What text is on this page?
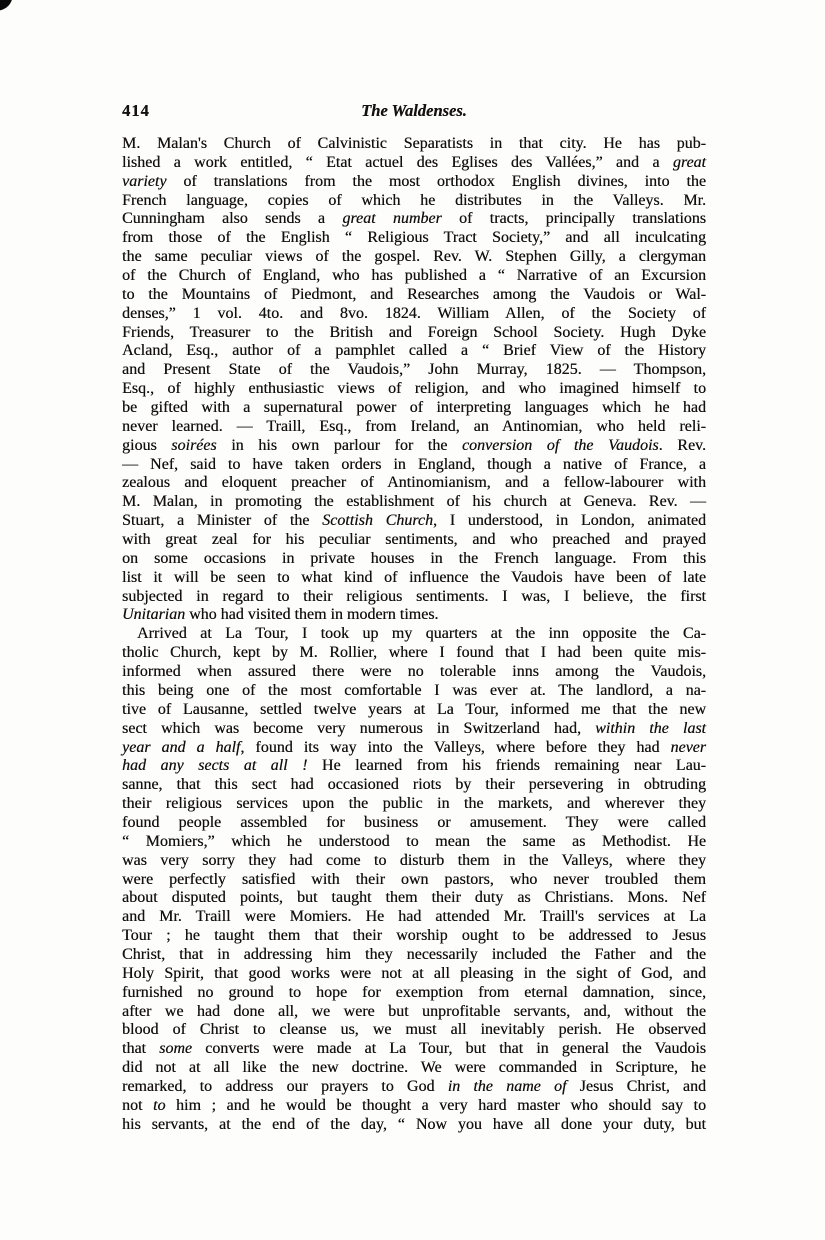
414	The Waldenses.
M. Malan's Church of Calvinistic Separatists in that city. He has pub-
lished a work entitled, “ Etat actuel des Eglises des Vallées,” and a great
variety of translations from the most orthodox English divines, into the
French language, copies of which he distributes in the Valleys. Mr.
Cunningham also sends a great number of tracts, principally translations
from those of the English “ Religious Tract Society,” and all inculcating
the same peculiar views of the gospel. Rev. W. Stephen Gilly, a clergyman
of the Church of England, who has published a “ Narrative of an Excursion
to the Mountains of Piedmont, and Researches among the Vaudois or Wal-
denses,” 1 vol. 4to. and 8vo. 1824. William Allen, of the Society of
Friends, Treasurer to the British and Foreign School Society. Hugh Dyke
Acland, Esq., author of a pamphlet called a “ Brief View of the History
and Present State of the Vaudois,” John Murray, 1825. — Thompson,
Esq., of highly enthusiastic views of religion, and who imagined himself to
be gifted with a supernatural power of interpreting languages which he had
never learned. — Traill, Esq., from Ireland, an Antinomian, who held reli-
gious soirées in his own parlour for the conversion of the Vaudois. Rev.
— Nef, said to have taken orders in England, though a native of France, a
zealous and eloquent preacher of Antinomianism, and a fellow-labourer with
M. Malan, in promoting the establishment of his church at Geneva. Rev. —
Stuart, a Minister of the Scottish Church, I understood, in London, animated
with great zeal for his peculiar sentiments, and who preached and prayed
on some occasions in private houses in the French language. From this
list it will be seen to what kind of influence the Vaudois have been of late
subjected in regard to their religious sentiments. I was, I believe, the first
Unitarian who had visited them in modern times.
Arrived at La Tour, I took up my quarters at the inn opposite the Ca-
tholic Church, kept by M. Rollier, where I found that I had been quite mis-
informed when assured there were no tolerable inns among the Vaudois,
this being one of the most comfortable I was ever at. The landlord, a na-
tive of Lausanne, settled twelve years at La Tour, informed me that the new
sect which was become very numerous in Switzerland had, within the last
year and a half, found its way into the Valleys, where before they had never
had any sects at all ! He learned from his friends remaining near Lau-
sanne, that this sect had occasioned riots by their persevering in obtruding
their religious services upon the public in the markets, and wherever they
found people assembled for business or amusement. They were called
“ Momiers,” which he understood to mean the same as Methodist. He
was very sorry they had come to disturb them in the Valleys, where they
were perfectly satisfied with their own pastors, who never troubled them
about disputed points, but taught them their duty as Christians. Mons. Nef
and Mr. Traill were Momiers. He had attended Mr. Traill's services at La
Tour ; he taught them that their worship ought to be addressed to Jesus
Christ, that in addressing him they necessarily included the Father and the
Holy Spirit, that good works were not at all pleasing in the sight of God, and
furnished no ground to hope for exemption from eternal damnation, since,
after we had done all, we were but unprofitable servants, and, without the
blood of Christ to cleanse us, we must all inevitably perish. He observed
that some converts were made at La Tour, but that in general the Vaudois
did not at all like the new doctrine. We were commanded in Scripture, he
remarked, to address our prayers to God in the name of Jesus Christ, and
not to him ; and he would be thought a very hard master who should say to
his servants, at the end of the day, “ Now you have all done your duty, but
